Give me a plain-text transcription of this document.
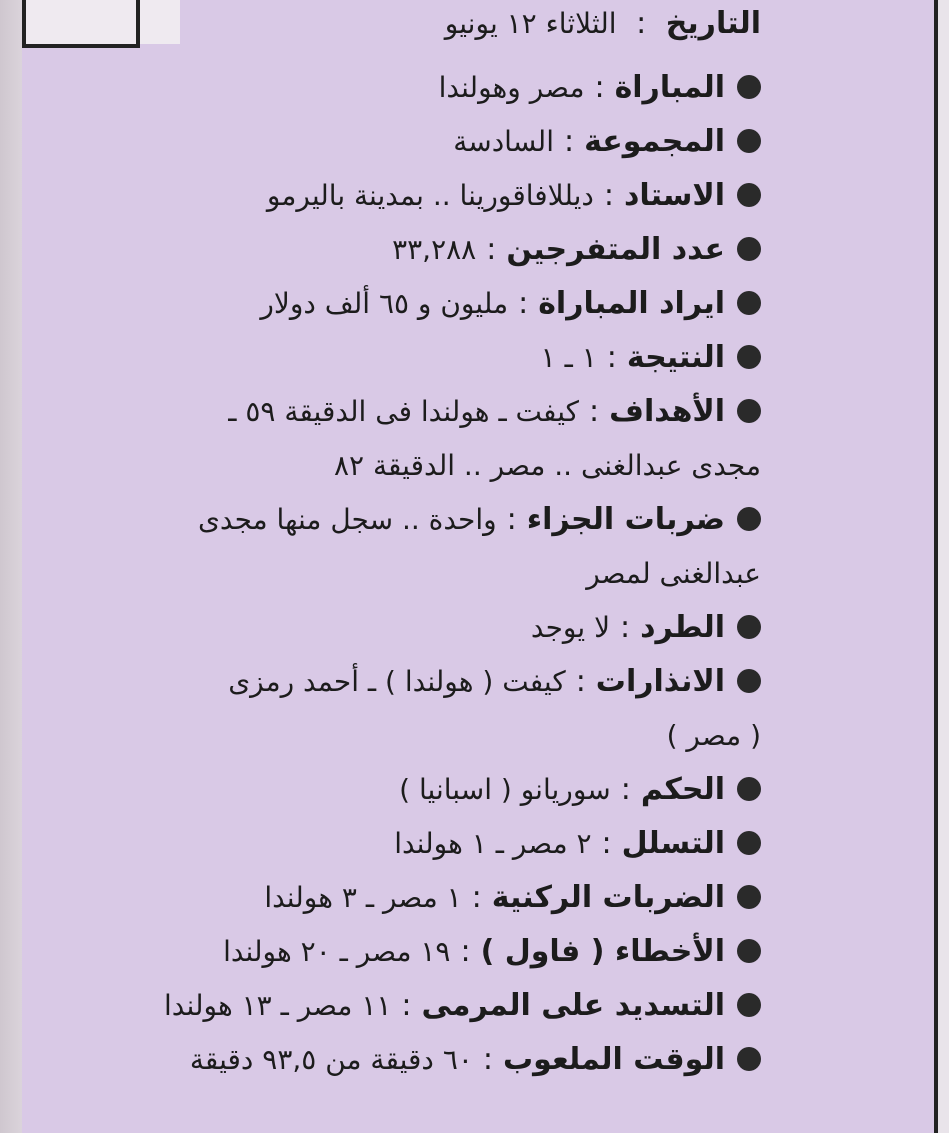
التاريخ : الثلاثاء ١٢ يونيو
المباراة
:
مصر وهولندا
المجموعة
:
السادسة
الاستاد
:
ديللافاقورينا .. بمدينة باليرمو
عدد المتفرجين
:
٣٣,٢٨٨
ايراد المباراة
:
مليون و ٦٥ ألف دولار
النتيجة
:
١ ـ ١
الأهداف
:
كيفت ـ هولندا فى الدقيقة ٥٩ ـ
مجدى عبدالغنى .. مصر .. الدقيقة ٨٢
ضربات الجزاء
:
واحدة .. سجل منها مجدى
عبدالغنى لمصر
الطرد
:
لا يوجد
الانذارات
:
كيفت ( هولندا ) ـ أحمد رمزى
( مصر )
الحكم
:
سوريانو ( اسبانيا )
التسلل
:
٢ مصر ـ ١ هولندا
الضربات الركنية
:
١ مصر ـ ٣ هولندا
الأخطاء ( فاول )
:
١٩ مصر ـ ٢٠ هولندا
التسديد على المرمى
:
١١ مصر ـ ١٣ هولندا
الوقت الملعوب
:
٦٠ دقيقة من ٩٣,٥ دقيقة
